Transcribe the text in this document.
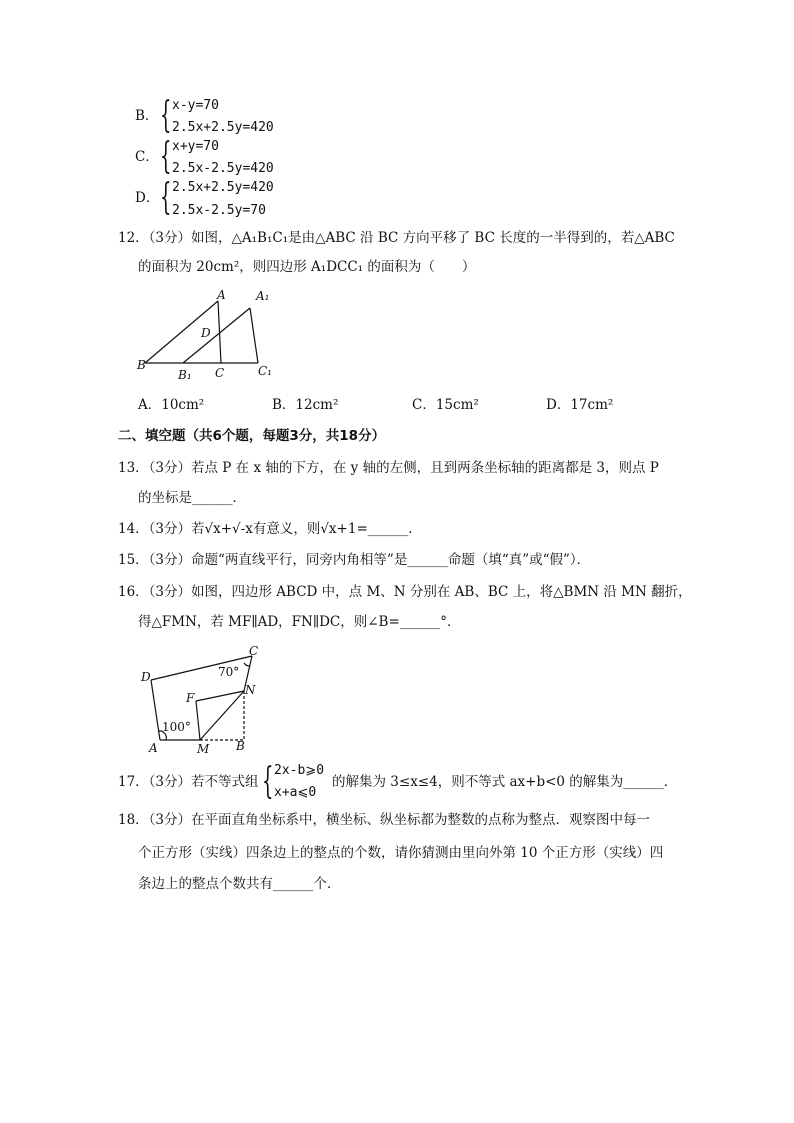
B． { x-y=70
2.5x+2.5y=420
C． { x+y=70
2.5x-2.5y=420
D． { 2.5x+2.5y=420
2.5x-2.5y=70
12．（3分）如图，△A₁B₁C₁是由△ABC 沿 BC 方向平移了 BC 长度的一半得到的，若△ABC
的面积为 20cm²，则四边形 A₁DCC₁ 的面积为（　　）
A	A₁
D
B
B₁ C	C₁
A．10cm²	B．12cm²	C．15cm²	D．17cm²
二、填空题（共6个题，每题3分，共18分）
13．（3分）若点 P 在 x 轴的下方，在 y 轴的左侧，且到两条坐标轴的距离都是 3，则点 P
的坐标是______．
14．（3分）若√x+√-x有意义，则√x+1=______．
15．（3分）命题“两直线平行，同旁内角相等”是______命题（填“真”或“假”）．
16．（3分）如图，四边形 ABCD 中，点 M、N 分别在 AB、BC 上，将△BMN 沿 MN 翻折，
得△FMN，若 MF∥AD，FN∥DC，则∠B=______°．
C
D	70°
N
F
100°
A	M B
17．（3分）若不等式组 { 2x-b⩾0
x+a⩽0
的解集为 3≤x≤4，则不等式 ax+b<0 的解集为______．
18．（3分）在平面直角坐标系中，横坐标、纵坐标都为整数的点称为整点．观察图中每一
个正方形（实线）四条边上的整点的个数，请你猜测由里向外第 10 个正方形（实线）四
条边上的整点个数共有______个．
